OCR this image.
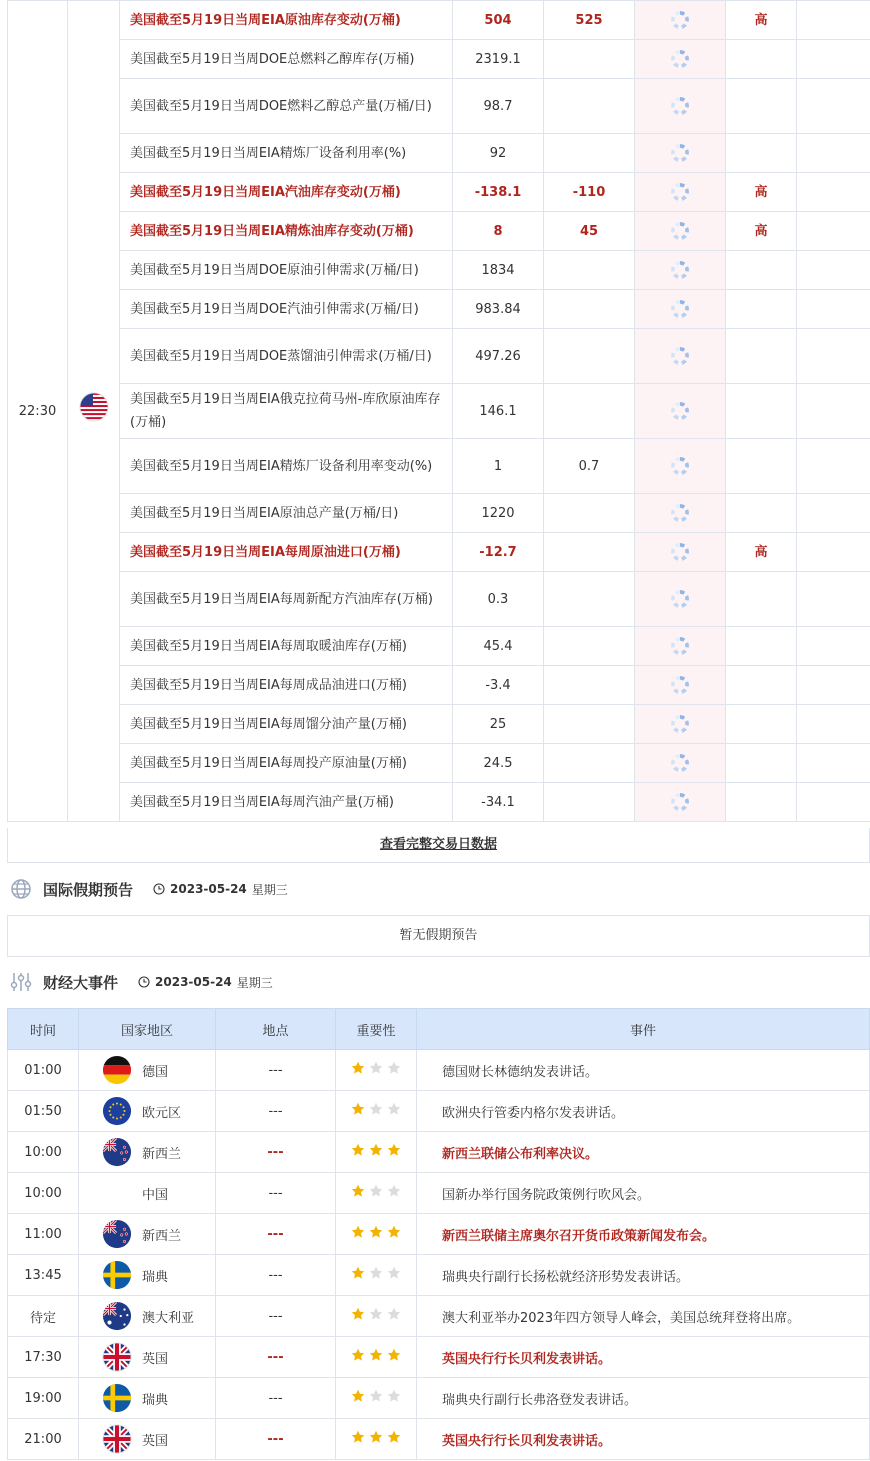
22:30		美国截至5月19日当周EIA原油库存变动(万桶)	504	525		高	
		美国截至5月19日当周DOE总燃料乙醇库存(万桶)	2319.1				
		美国截至5月19日当周DOE燃料乙醇总产量(万桶/日)	98.7				
		美国截至5月19日当周EIA精炼厂设备利用率(%)	92				
		美国截至5月19日当周EIA汽油库存变动(万桶)	-138.1	-110		高	
		美国截至5月19日当周EIA精炼油库存变动(万桶)	8	45		高	
		美国截至5月19日当周DOE原油引伸需求(万桶/日)	1834				
		美国截至5月19日当周DOE汽油引伸需求(万桶/日)	983.84				
		美国截至5月19日当周DOE蒸馏油引伸需求(万桶/日)	497.26				
		美国截至5月19日当周EIA俄克拉荷马州-库欣原油库存(万桶)	146.1				
		美国截至5月19日当周EIA精炼厂设备利用率变动(%)	1	0.7			
		美国截至5月19日当周EIA原油总产量(万桶/日)	1220				
		美国截至5月19日当周EIA每周原油进口(万桶)	-12.7			高	
		美国截至5月19日当周EIA每周新配方汽油库存(万桶)	0.3				
		美国截至5月19日当周EIA每周取暖油库存(万桶)	45.4				
		美国截至5月19日当周EIA每周成品油进口(万桶)	-3.4				
		美国截至5月19日当周EIA每周馏分油产量(万桶)	25				
		美国截至5月19日当周EIA每周投产原油量(万桶)	24.5				
		美国截至5月19日当周EIA每周汽油产量(万桶)	-34.1				
查看完整交易日数据
国际假期预告	2023-05-24 星期三
暂无假期预告
财经大事件	2023-05-24 星期三
时间	国家地区	地点	重要性	事件
01:00	德国	---		德国财长林德纳发表讲话。
01:50	欧元区	---		欧洲央行管委内格尔发表讲话。
10:00	新西兰	---		新西兰联储公布利率决议。
10:00	中国	---		国新办举行国务院政策例行吹风会。
11:00	新西兰	---		新西兰联储主席奥尔召开货币政策新闻发布会。
13:45	瑞典	---		瑞典央行副行长扬松就经济形势发表讲话。
待定	澳大利亚	---		澳大利亚举办2023年四方领导人峰会，美国总统拜登将出席。
17:30	英国	---		英国央行行长贝利发表讲话。
19:00	瑞典	---		瑞典央行副行长弗洛登发表讲话。
21:00	英国	---		英国央行行长贝利发表讲话。
